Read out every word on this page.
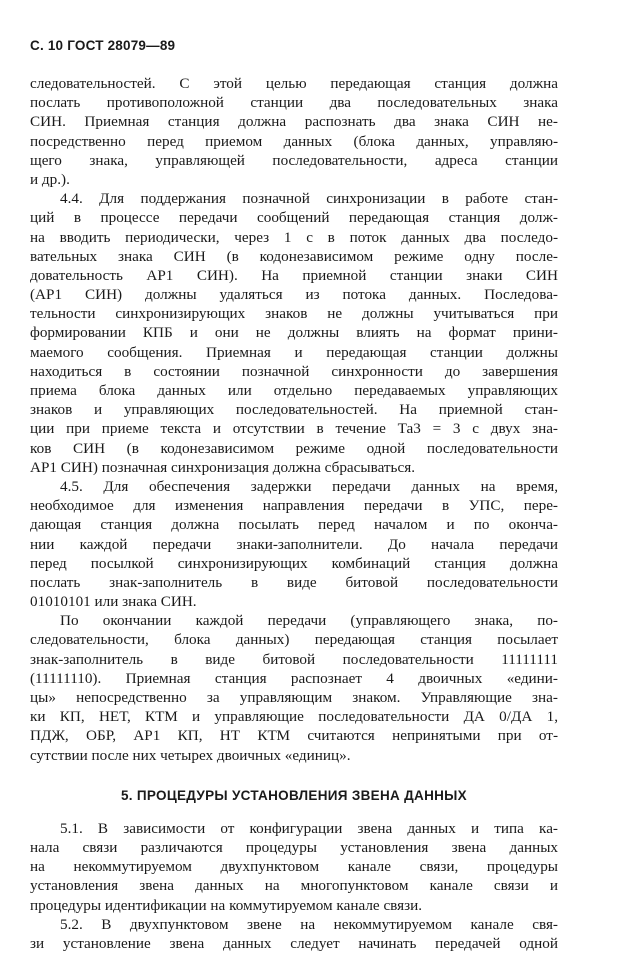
С. 10 ГОСТ 28079—89
следовательностей. С этой целью передающая станция должна
послать противоположной станции два последовательных знака
СИН. Приемная станция должна распознать два знака СИН не-
посредственно перед приемом данных (блока данных, управляю-
щего знака, управляющей последовательности, адреса станции
и др.).
4.4. Для поддержания позначной синхронизации в работе стан-
ций в процессе передачи сообщений передающая станция долж-
на вводить периодически, через 1 с в поток данных два последо-
вательных знака СИН (в кодонезависимом режиме одну после-
довательность АР1 СИН). На приемной станции знаки СИН
(АР1 СИН) должны удаляться из потока данных. Последова-
тельности синхронизирующих знаков не должны учитываться при
формировании КПБ и они не должны влиять на формат прини-
маемого сообщения. Приемная и передающая станции должны
находиться в состоянии позначной синхронности до завершения
приема блока данных или отдельно передаваемых управляющих
знаков и управляющих последовательностей. На приемной стан-
ции при приеме текста и отсутствии в течение Та3 = 3 с двух зна-
ков СИН (в кодонезависимом режиме одной последовательности
АР1 СИН) позначная синхронизация должна сбрасываться.
4.5. Для обеспечения задержки передачи данных на время,
необходимое для изменения направления передачи в УПС, пере-
дающая станция должна посылать перед началом и по оконча-
нии каждой передачи знаки-заполнители. До начала передачи
перед посылкой синхронизирующих комбинаций станция должна
послать знак-заполнитель в виде битовой последовательности
01010101 или знака СИН.
По окончании каждой передачи (управляющего знака, по-
следовательности, блока данных) передающая станция посылает
знак-заполнитель в виде битовой последовательности 11111111
(11111110). Приемная станция распознает 4 двоичных «едини-
цы» непосредственно за управляющим знаком. Управляющие зна-
ки КП, НЕТ, КТМ и управляющие последовательности ДА 0/ДА 1,
ПДЖ, ОБР, АР1 КП, НТ КТМ считаются непринятыми при от-
сутствии после них четырех двоичных «единиц».
5. ПРОЦЕДУРЫ УСТАНОВЛЕНИЯ ЗВЕНА ДАННЫХ
5.1. В зависимости от конфигурации звена данных и типа ка-
нала связи различаются процедуры установления звена данных
на некоммутируемом двухпунктовом канале связи, процедуры
установления звена данных на многопунктовом канале связи и
процедуры идентификации на коммутируемом канале связи.
5.2. В двухпунктовом звене на некоммутируемом канале свя-
зи установление звена данных следует начинать передачей одной
